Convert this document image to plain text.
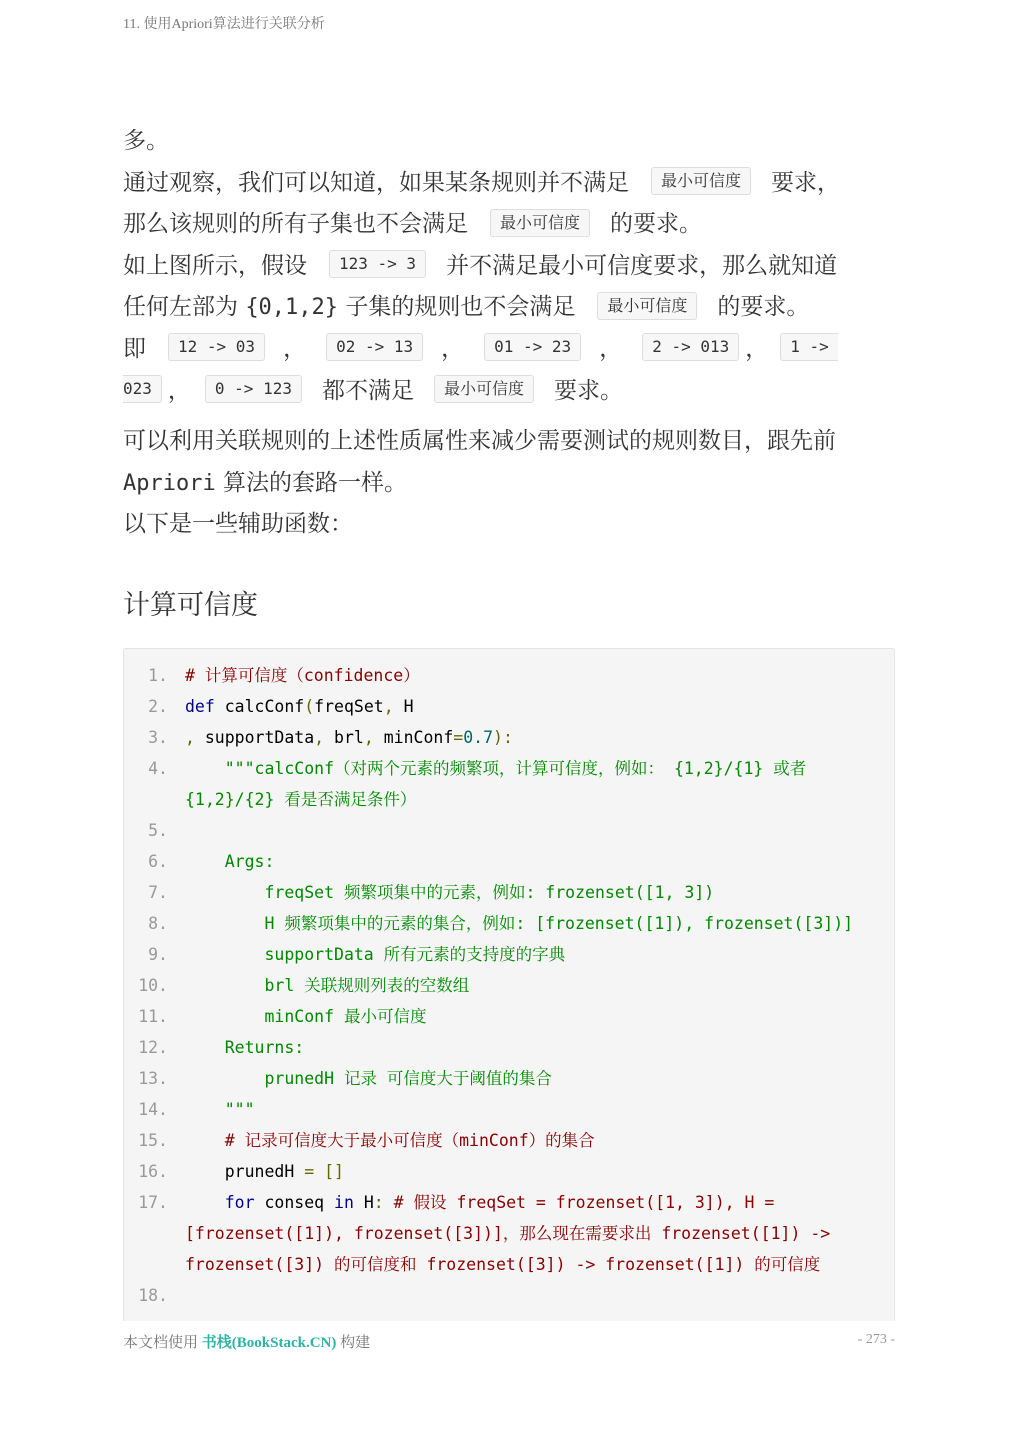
11. 使用Apriori算法进行关联分析
多。
通过观察，我们可以知道，如果某条规则并不满足 最小可信度 要求，
那么该规则的所有子集也不会满足 最小可信度 的要求。
如上图所示，假设 123 -> 3 并不满足最小可信度要求，那么就知道
任何左部为 {0,1,2} 子集的规则也不会满足 最小可信度 的要求。
即 12 -> 03 ， 02 -> 13 ， 01 -> 23 ， 2 -> 013 ， 1 ->
023 ， 0 -> 123 都不满足 最小可信度 要求。
可以利用关联规则的上述性质属性来减少需要测试的规则数目，跟先前
Apriori 算法的套路一样。
以下是一些辅助函数：
计算可信度
1. # 计算可信度（confidence）
2. def calcConf(freqSet, H
3. , supportData, brl, minConf=0.7):
4. """calcConf（对两个元素的频繁项，计算可信度，例如： {1,2}/{1} 或者
{1,2}/{2} 看是否满足条件）
5.
6. Args:
7. freqSet 频繁项集中的元素，例如: frozenset([1, 3])
8. H 频繁项集中的元素的集合，例如: [frozenset([1]), frozenset([3])]
9. supportData 所有元素的支持度的字典
10. brl 关联规则列表的空数组
11. minConf 最小可信度
12. Returns:
13. prunedH 记录 可信度大于阈值的集合
14. """
15. # 记录可信度大于最小可信度（minConf）的集合
16. prunedH = []
17. for conseq in H: # 假设 freqSet = frozenset([1, 3]), H =
[frozenset([1]), frozenset([3])]，那么现在需要求出 frozenset([1]) ->
frozenset([3]) 的可信度和 frozenset([3]) -> frozenset([1]) 的可信度
18.
本文档使用 书栈(BookStack.CN) 构建	- 273 -
